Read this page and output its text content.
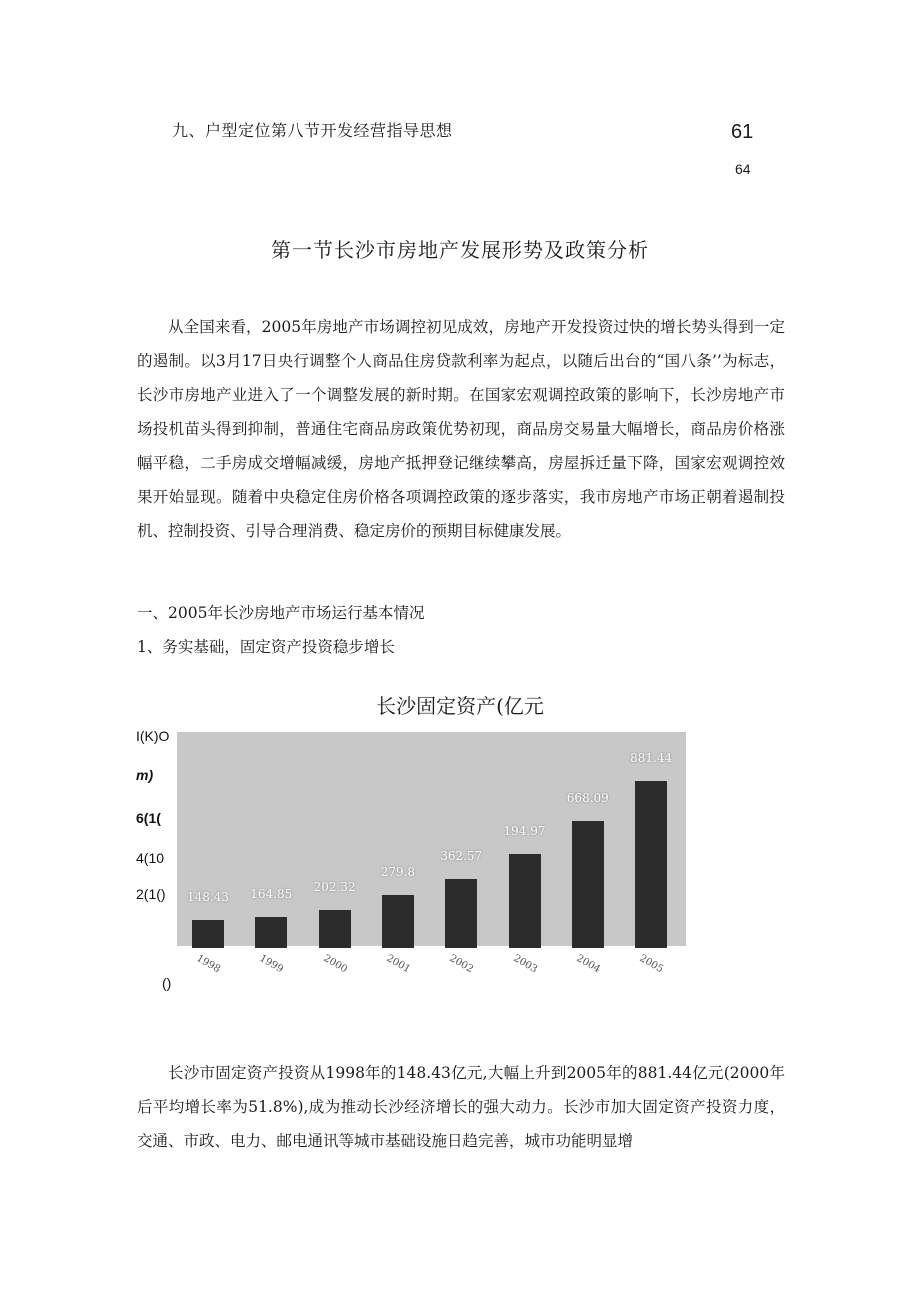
九、户型定位第八节开发经营指导思想	61
64
第一节长沙市房地产发展形势及政策分析

从全国来看，2005年房地产市场调控初见成效，房地产开发投资过快的增长势头得到一定的遏制。以3月17日央行调整个人商品住房贷款利率为起点，以随后出台的“国八条’’为标志，长沙市房地产业进入了一个调整发展的新时期。在国家宏观调控政策的影响下，长沙房地产市场投机苗头得到抑制，普通住宅商品房政策优势初现，商品房交易量大幅增长，商品房价格涨幅平稳，二手房成交增幅减缓，房地产抵押登记继续攀高，房屋拆迁量下降，国家宏观调控效果开始显现。随着中央稳定住房价格各项调控政策的逐步落实，我市房地产市场正朝着遏制投机、控制投资、引导合理消费、稳定房价的预期目标健康发展。

一、2005年长沙房地产市场运行基本情况
1、务实基础，固定资产投资稳步增长
长沙固定资产(亿元
I(K)O
m)
6(1(
4(10
2(1()
()
148.43	164.85
202.32
279.8
362.57
194.97
668.09
881.44
1998	1999	2000	2001	2002	2003	2004	2005

长沙市固定资产投资从1998年的148.43亿元,大幅上升到2005年的881.44亿元(2000年后平均增长率为51.8%),成为推动长沙经济增长的强大动力。长沙市加大固定资产投资力度，交通、市政、电力、邮电通讯等城市基础设施日趋完善，城市功能明显增
